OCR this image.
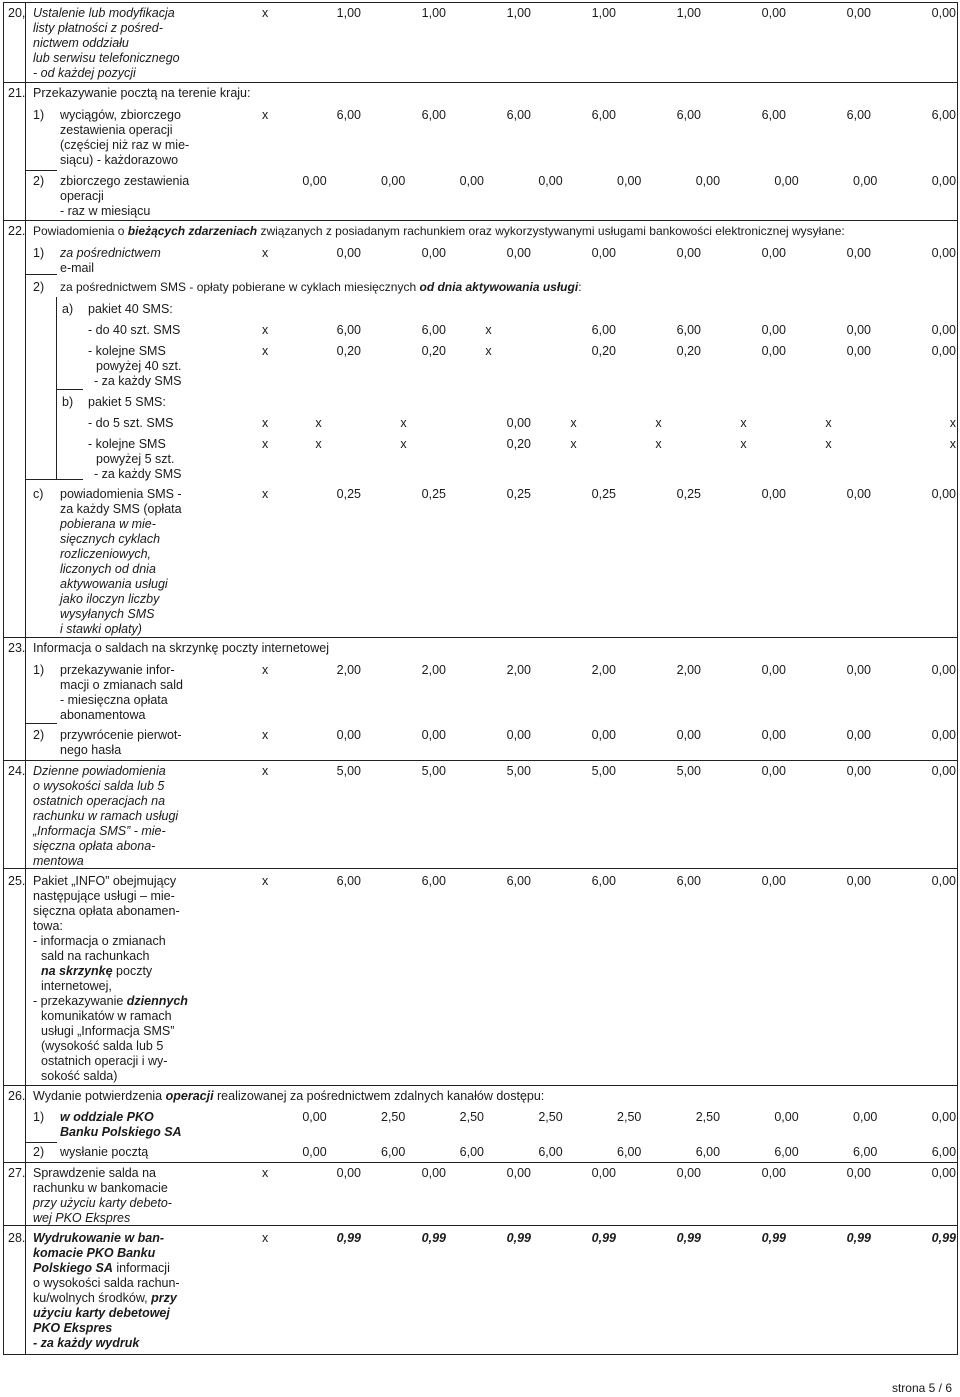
20, Ustalenie lub modyfikacja
listy płatności z pośred-
nictwem oddziału
lub serwisu telefonicznego
- od każdej pozycji
x	1,00	1,00	1,00	1,00	1,00	0,00	0,00	0,00
21. Przekazywanie pocztą na terenie kraju:
1) wyciągów, zbiorczego
zestawienia operacji
(częściej niż raz w mie-
siącu) - każdorazowo
x	6,00	6,00	6,00	6,00	6,00	6,00	6,00	6,00
2) zbiorczego zestawienia
operacji
- raz w miesiącu
0,00	0,00	0,00	0,00	0,00	0,00	0,00	0,00	0,00
22. Powiadomienia o bieżących zdarzeniach związanych z posiadanym rachunkiem oraz wykorzystywanymi usługami bankowości elektronicznej wysyłane:
1) za pośrednictwem
e-mail
x	0,00	0,00	0,00	0,00	0,00	0,00	0,00	0,00
2) za pośrednictwem SMS - opłaty pobierane w cyklach miesięcznych od dnia aktywowania usługi:
a) pakiet 40 SMS:
- do 40 szt. SMS	x	6,00	6,00	x	6,00	6,00	0,00	0,00	0,00
- kolejne SMS
powyżej 40 szt.
- za każdy SMS
x	0,20	0,20	x	0,20	0,20	0,00	0,00	0,00
b) pakiet 5 SMS:
- do 5 szt. SMS	x	x	x	0,00	x	x	x	x	x
- kolejne SMS
powyżej 5 szt.
- za każdy SMS
x	x	x	0,20	x	x	x	x	x
c) powiadomienia SMS -
za każdy SMS (opłata
pobierana w mie-
sięcznych cyklach
rozliczeniowych,
liczonych od dnia
aktywowania usługi
jako iloczyn liczby
wysyłanych SMS
i stawki opłaty)
x	0,25	0,25	0,25	0,25	0,25	0,00	0,00	0,00
23. Informacja o saldach na skrzynkę poczty internetowej
1) przekazywanie infor-
macji o zmianach sald
- miesięczna opłata
abonamentowa
x	2,00	2,00	2,00	2,00	2,00	0,00	0,00	0,00
2) przywrócenie pierwot-
nego hasła
x	0,00	0,00	0,00	0,00	0,00	0,00	0,00	0,00
24. Dzienne powiadomienia
o wysokości salda lub 5
ostatnich operacjach na
rachunku w ramach usługi
„Informacja SMS” - mie-
sięczna opłata abona-
mentowa
x	5,00	5,00	5,00	5,00	5,00	0,00	0,00	0,00
25. Pakiet „INFO” obejmujący
następujące usługi – mie-
sięczna opłata abonamen-
towa:
- informacja o zmianach
sald na rachunkach
na skrzynkę poczty
internetowej,
- przekazywanie dziennych
komunikatów w ramach
usługi „Informacja SMS”
(wysokość salda lub 5
ostatnich operacji i wy-
sokość salda)
x	6,00	6,00	6,00	6,00	6,00	0,00	0,00	0,00
26. Wydanie potwierdzenia operacji realizowanej za pośrednictwem zdalnych kanałów dostępu:
1) w oddziale PKO
Banku Polskiego SA
0,00	2,50	2,50	2,50	2,50	2,50	0,00	0,00	0,00
2) wysłanie pocztą	0,00	6,00	6,00	6,00	6,00	6,00	6,00	6,00	6,00
27. Sprawdzenie salda na
rachunku w bankomacie
przy użyciu karty debeto-
wej PKO Ekspres
x	0,00	0,00	0,00	0,00	0,00	0,00	0,00	0,00
28. Wydrukowanie w ban-
komacie PKO Banku
Polskiego SA informacji
o wysokości salda rachun-
ku/wolnych środków, przy
użyciu karty debetowej
PKO Ekspres
- za każdy wydruk
x	0,99	0,99	0,99	0,99	0,99	0,99	0,99	0,99
strona 5 / 6
